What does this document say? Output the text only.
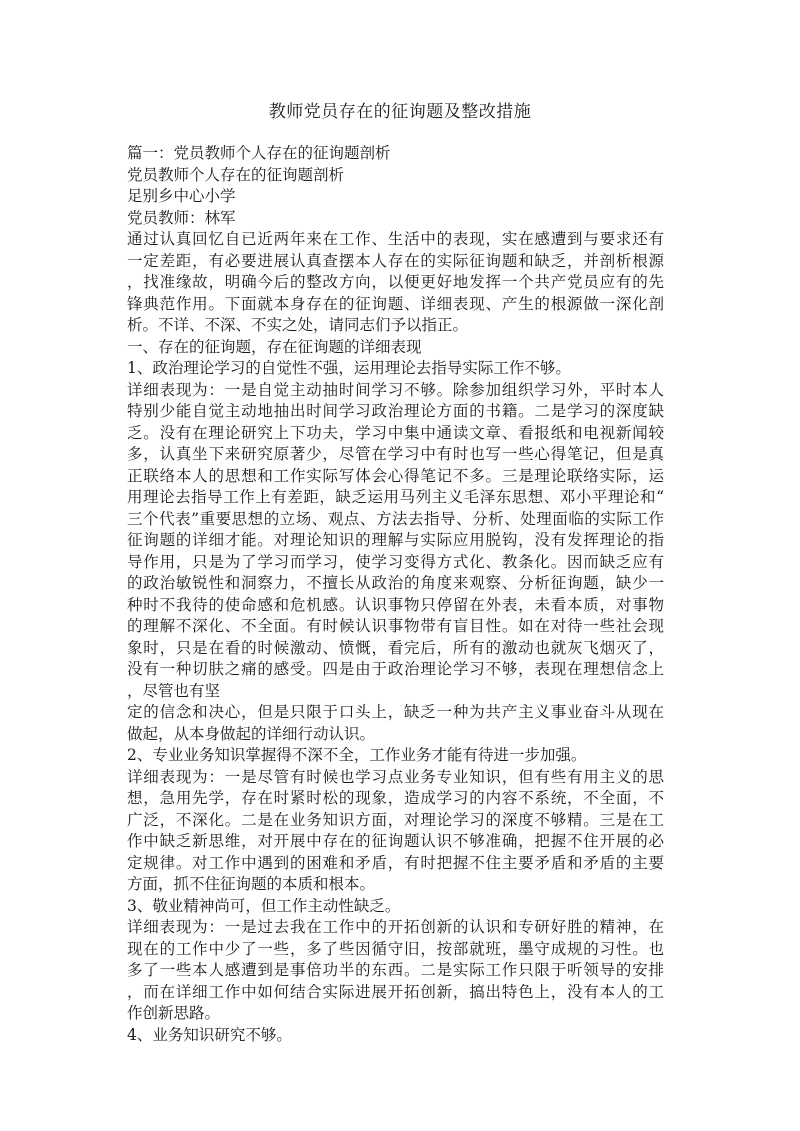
教师党员存在的征询题及整改措施
篇一：党员教师个人存在的征询题剖析
党员教师个人存在的征询题剖析
足别乡中心小学
党员教师：林军
通过认真回忆自已近两年来在工作、生活中的表现，实在感遭到与要求还有
一定差距，有必要进展认真查摆本人存在的实际征询题和缺乏，并剖析根源
，找准缘故，明确今后的整改方向，以便更好地发挥一个共产党员应有的先
锋典范作用。下面就本身存在的征询题、详细表现、产生的根源做一深化剖
析。不详、不深、不实之处，请同志们予以指正。
一、存在的征询题，存在征询题的详细表现
1、政治理论学习的自觉性不强，运用理论去指导实际工作不够。
详细表现为：一是自觉主动抽时间学习不够。除参加组织学习外，平时本人
特别少能自觉主动地抽出时间学习政治理论方面的书籍。二是学习的深度缺
乏。没有在理论研究上下功夫，学习中集中通读文章、看报纸和电视新闻较
多，认真坐下来研究原著少，尽管在学习中有时也写一些心得笔记，但是真
正联络本人的思想和工作实际写体会心得笔记不多。三是理论联络实际，运
用理论去指导工作上有差距，缺乏运用马列主义毛泽东思想、邓小平理论和“
三个代表”重要思想的立场、观点、方法去指导、分析、处理面临的实际工作
征询题的详细才能。对理论知识的理解与实际应用脱钩，没有发挥理论的指
导作用，只是为了学习而学习，使学习变得方式化、教条化。因而缺乏应有
的政治敏锐性和洞察力，不擅长从政治的角度来观察、分析征询题，缺少一
种时不我待的使命感和危机感。认识事物只停留在外表，未看本质，对事物
的理解不深化、不全面。有时候认识事物带有盲目性。如在对待一些社会现
象时，只是在看的时候激动、愤慨，看完后，所有的激动也就灰飞烟灭了，
没有一种切肤之痛的感受。四是由于政治理论学习不够，表现在理想信念上
，尽管也有坚
定的信念和决心，但是只限于口头上，缺乏一种为共产主义事业奋斗从现在
做起，从本身做起的详细行动认识。
2、专业业务知识掌握得不深不全，工作业务才能有待进一步加强。
详细表现为：一是尽管有时候也学习点业务专业知识，但有些有用主义的思
想，急用先学，存在时紧时松的现象，造成学习的内容不系统，不全面，不
广泛，不深化。二是在业务知识方面，对理论学习的深度不够精。三是在工
作中缺乏新思维，对开展中存在的征询题认识不够准确，把握不住开展的必
定规律。对工作中遇到的困难和矛盾，有时把握不住主要矛盾和矛盾的主要
方面，抓不住征询题的本质和根本。
3、敬业精神尚可，但工作主动性缺乏。
详细表现为：一是过去我在工作中的开拓创新的认识和专研好胜的精神，在
现在的工作中少了一些，多了些因循守旧，按部就班，墨守成规的习性。也
多了一些本人感遭到是事倍功半的东西。二是实际工作只限于听领导的安排
，而在详细工作中如何结合实际进展开拓创新，搞出特色上，没有本人的工
作创新思路。
4、业务知识研究不够。
